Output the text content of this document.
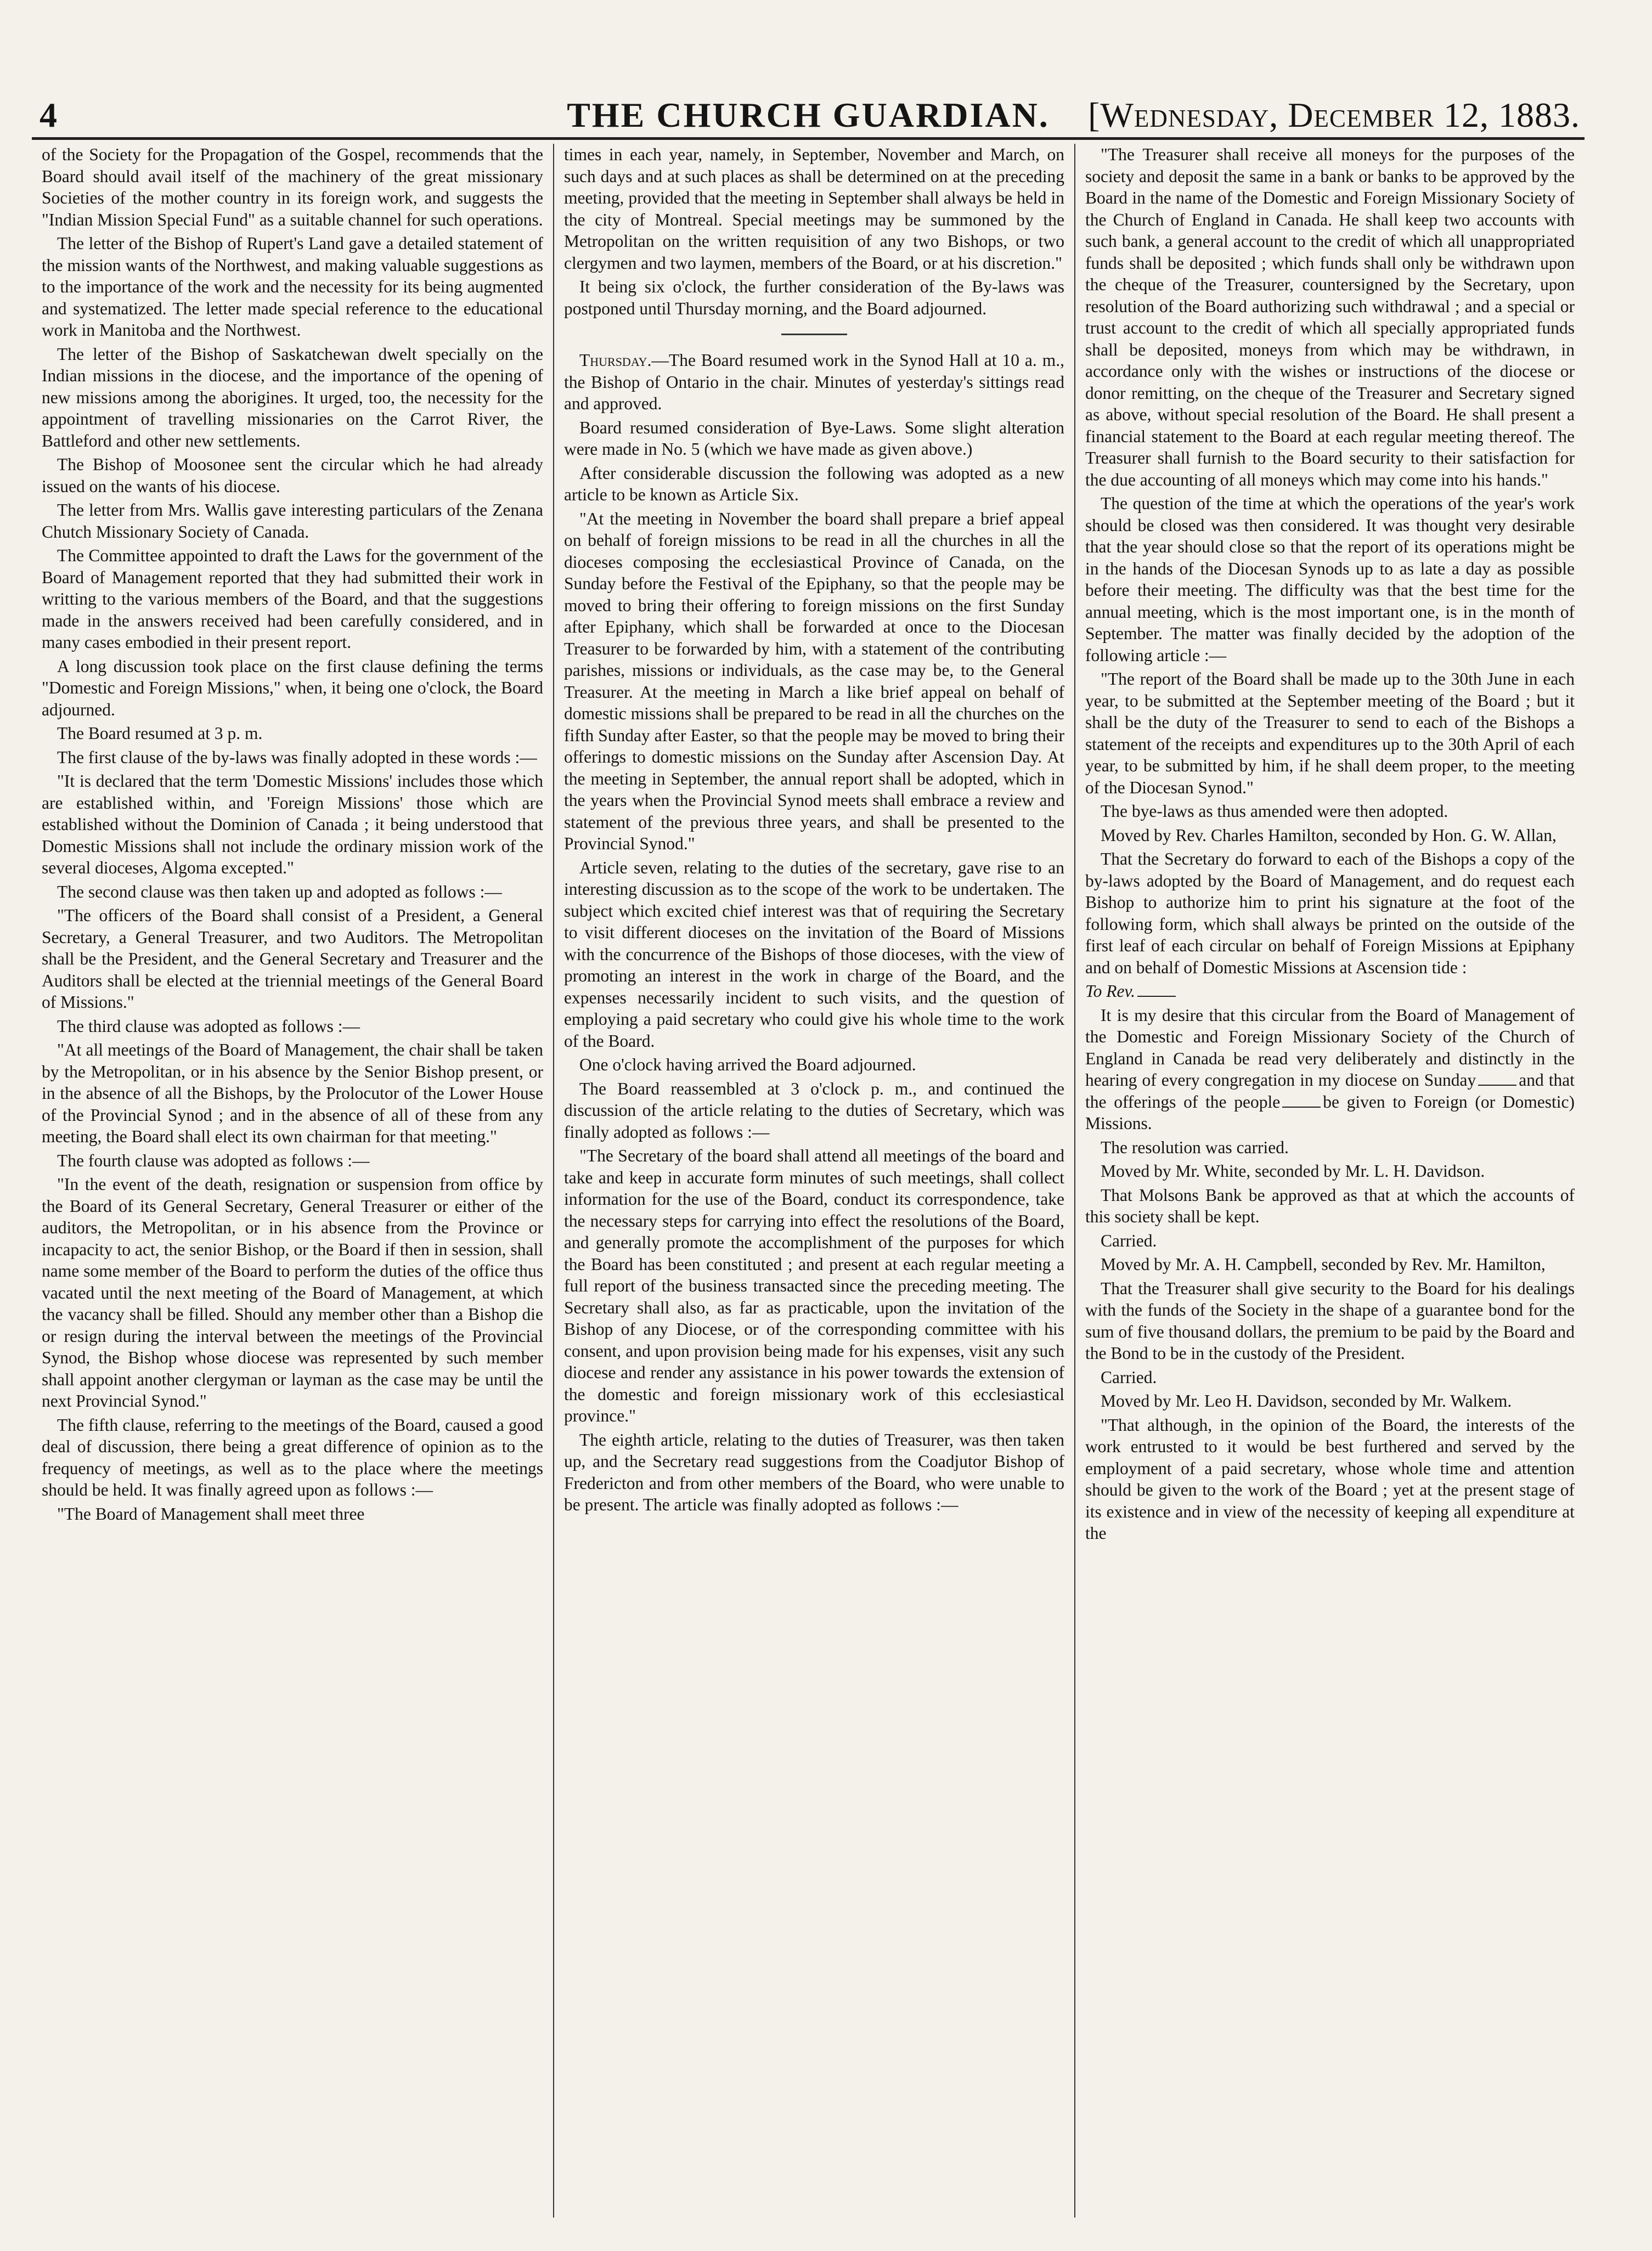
4	THE CHURCH GUARDIAN.	[Wednesday, December 12, 1883.

of the Society for the Propagation of the Gospel, recommends that the Board should avail itself of the machinery of the great missionary Societies of the mother country in its foreign work, and suggests the "Indian Mission Special Fund" as a suitable channel for such operations.

The letter of the Bishop of Rupert's Land gave a detailed statement of the mission wants of the Northwest, and making valuable suggestions as to the importance of the work and the necessity for its being augmented and systematized. The letter made special reference to the educational work in Manitoba and the Northwest.

The letter of the Bishop of Saskatchewan dwelt specially on the Indian missions in the diocese, and the importance of the opening of new missions among the aborigines. It urged, too, the necessity for the appointment of travelling missionaries on the Carrot River, the Battleford and other new settlements.

The Bishop of Moosonee sent the circular which he had already issued on the wants of his diocese.

The letter from Mrs. Wallis gave interesting particulars of the Zenana Chutch Missionary Society of Canada.

The Committee appointed to draft the Laws for the government of the Board of Management reported that they had submitted their work in writting to the various members of the Board, and that the suggestions made in the answers received had been carefully considered, and in many cases embodied in their present report.

A long discussion took place on the first clause defining the terms "Domestic and Foreign Missions," when, it being one o'clock, the Board adjourned.

The Board resumed at 3 p. m.

The first clause of the by-laws was finally adopted in these words :—

"It is declared that the term 'Domestic Missions' includes those which are established within, and 'Foreign Missions' those which are established without the Dominion of Canada ; it being understood that Domestic Missions shall not include the ordinary mission work of the several dioceses, Algoma excepted."

The second clause was then taken up and adopted as follows :—

"The officers of the Board shall consist of a President, a General Secretary, a General Treasurer, and two Auditors. The Metropolitan shall be the President, and the General Secretary and Treasurer and the Auditors shall be elected at the triennial meetings of the General Board of Missions."

The third clause was adopted as follows :—

"At all meetings of the Board of Management, the chair shall be taken by the Metropolitan, or in his absence by the Senior Bishop present, or in the absence of all the Bishops, by the Prolocutor of the Lower House of the Provincial Synod ; and in the absence of all of these from any meeting, the Board shall elect its own chairman for that meeting."

The fourth clause was adopted as follows :—

"In the event of the death, resignation or suspension from office by the Board of its General Secretary, General Treasurer or either of the auditors, the Metropolitan, or in his absence from the Province or incapacity to act, the senior Bishop, or the Board if then in session, shall name some member of the Board to perform the duties of the office thus vacated until the next meeting of the Board of Management, at which the vacancy shall be filled. Should any member other than a Bishop die or resign during the interval between the meetings of the Provincial Synod, the Bishop whose diocese was represented by such member shall appoint another clergyman or layman as the case may be until the next Provincial Synod."

The fifth clause, referring to the meetings of the Board, caused a good deal of discussion, there being a great difference of opinion as to the frequency of meetings, as well as to the place where the meetings should be held. It was finally agreed upon as follows :—

"The Board of Management shall meet three

times in each year, namely, in September, November and March, on such days and at such places as shall be determined on at the preceding meeting, provided that the meeting in September shall always be held in the city of Montreal. Special meetings may be summoned by the Metropolitan on the written requisition of any two Bishops, or two clergymen and two laymen, members of the Board, or at his discretion."

It being six o'clock, the further consideration of the By-laws was postponed until Thursday morning, and the Board adjourned.

Thursday.—The Board resumed work in the Synod Hall at 10 a. m., the Bishop of Ontario in the chair. Minutes of yesterday's sittings read and approved.

Board resumed consideration of Bye-Laws. Some slight alteration were made in No. 5 (which we have made as given above.)

After considerable discussion the following was adopted as a new article to be known as Article Six.

"At the meeting in November the board shall prepare a brief appeal on behalf of foreign missions to be read in all the churches in all the dioceses composing the ecclesiastical Province of Canada, on the Sunday before the Festival of the Epiphany, so that the people may be moved to bring their offering to foreign missions on the first Sunday after Epiphany, which shall be forwarded at once to the Diocesan Treasurer to be forwarded by him, with a statement of the contributing parishes, missions or individuals, as the case may be, to the General Treasurer. At the meeting in March a like brief appeal on behalf of domestic missions shall be prepared to be read in all the churches on the fifth Sunday after Easter, so that the people may be moved to bring their offerings to domestic missions on the Sunday after Ascension Day. At the meeting in September, the annual report shall be adopted, which in the years when the Provincial Synod meets shall embrace a review and statement of the previous three years, and shall be presented to the Provincial Synod."

Article seven, relating to the duties of the secretary, gave rise to an interesting discussion as to the scope of the work to be undertaken. The subject which excited chief interest was that of requiring the Secretary to visit different dioceses on the invitation of the Board of Missions with the concurrence of the Bishops of those dioceses, with the view of promoting an interest in the work in charge of the Board, and the expenses necessarily incident to such visits, and the question of employing a paid secretary who could give his whole time to the work of the Board.

One o'clock having arrived the Board adjourned.

The Board reassembled at 3 o'clock p. m., and continued the discussion of the article relating to the duties of Secretary, which was finally adopted as follows :—

"The Secretary of the board shall attend all meetings of the board and take and keep in accurate form minutes of such meetings, shall collect information for the use of the Board, conduct its correspondence, take the necessary steps for carrying into effect the resolutions of the Board, and generally promote the accomplishment of the purposes for which the Board has been constituted ; and present at each regular meeting a full report of the business transacted since the preceding meeting. The Secretary shall also, as far as practicable, upon the invitation of the Bishop of any Diocese, or of the corresponding committee with his consent, and upon provision being made for his expenses, visit any such diocese and render any assistance in his power towards the extension of the domestic and foreign missionary work of this ecclesiastical province."

The eighth article, relating to the duties of Treasurer, was then taken up, and the Secretary read suggestions from the Coadjutor Bishop of Fredericton and from other members of the Board, who were unable to be present. The article was finally adopted as follows :—

"The Treasurer shall receive all moneys for the purposes of the society and deposit the same in a bank or banks to be approved by the Board in the name of the Domestic and Foreign Missionary Society of the Church of England in Canada. He shall keep two accounts with such bank, a general account to the credit of which all unappropriated funds shall be deposited ; which funds shall only be withdrawn upon the cheque of the Treasurer, countersigned by the Secretary, upon resolution of the Board authorizing such withdrawal ; and a special or trust account to the credit of which all specially appropriated funds shall be deposited, moneys from which may be withdrawn, in accordance only with the wishes or instructions of the diocese or donor remitting, on the cheque of the Treasurer and Secretary signed as above, without special resolution of the Board. He shall present a financial statement to the Board at each regular meeting thereof. The Treasurer shall furnish to the Board security to their satisfaction for the due accounting of all moneys which may come into his hands."

The question of the time at which the operations of the year's work should be closed was then considered. It was thought very desirable that the year should close so that the report of its operations might be in the hands of the Diocesan Synods up to as late a day as possible before their meeting. The difficulty was that the best time for the annual meeting, which is the most important one, is in the month of September. The matter was finally decided by the adoption of the following article :—

"The report of the Board shall be made up to the 30th June in each year, to be submitted at the September meeting of the Board ; but it shall be the duty of the Treasurer to send to each of the Bishops a statement of the receipts and expenditures up to the 30th April of each year, to be submitted by him, if he shall deem proper, to the meeting of the Diocesan Synod."

The bye-laws as thus amended were then adopted.

Moved by Rev. Charles Hamilton, seconded by Hon. G. W. Allan,

That the Secretary do forward to each of the Bishops a copy of the by-laws adopted by the Board of Management, and do request each Bishop to authorize him to print his signature at the foot of the following form, which shall always be printed on the outside of the first leaf of each circular on behalf of Foreign Missions at Epiphany and on behalf of Domestic Missions at Ascension tide :

To Rev.

It is my desire that this circular from the Board of Management of the Domestic and Foreign Missionary Society of the Church of England in Canada be read very deliberately and distinctly in the hearing of every congregation in my diocese on Sunday and that the offerings of the people be given to Foreign (or Domestic) Missions.

The resolution was carried.

Moved by Mr. White, seconded by Mr. L. H. Davidson.

That Molsons Bank be approved as that at which the accounts of this society shall be kept.

Carried.

Moved by Mr. A. H. Campbell, seconded by Rev. Mr. Hamilton,

That the Treasurer shall give security to the Board for his dealings with the funds of the Society in the shape of a guarantee bond for the sum of five thousand dollars, the premium to be paid by the Board and the Bond to be in the custody of the President.

Carried.

Moved by Mr. Leo H. Davidson, seconded by Mr. Walkem.

"That although, in the opinion of the Board, the interests of the work entrusted to it would be best furthered and served by the employment of a paid secretary, whose whole time and attention should be given to the work of the Board ; yet at the present stage of its existence and in view of the necessity of keeping all expenditure at the
